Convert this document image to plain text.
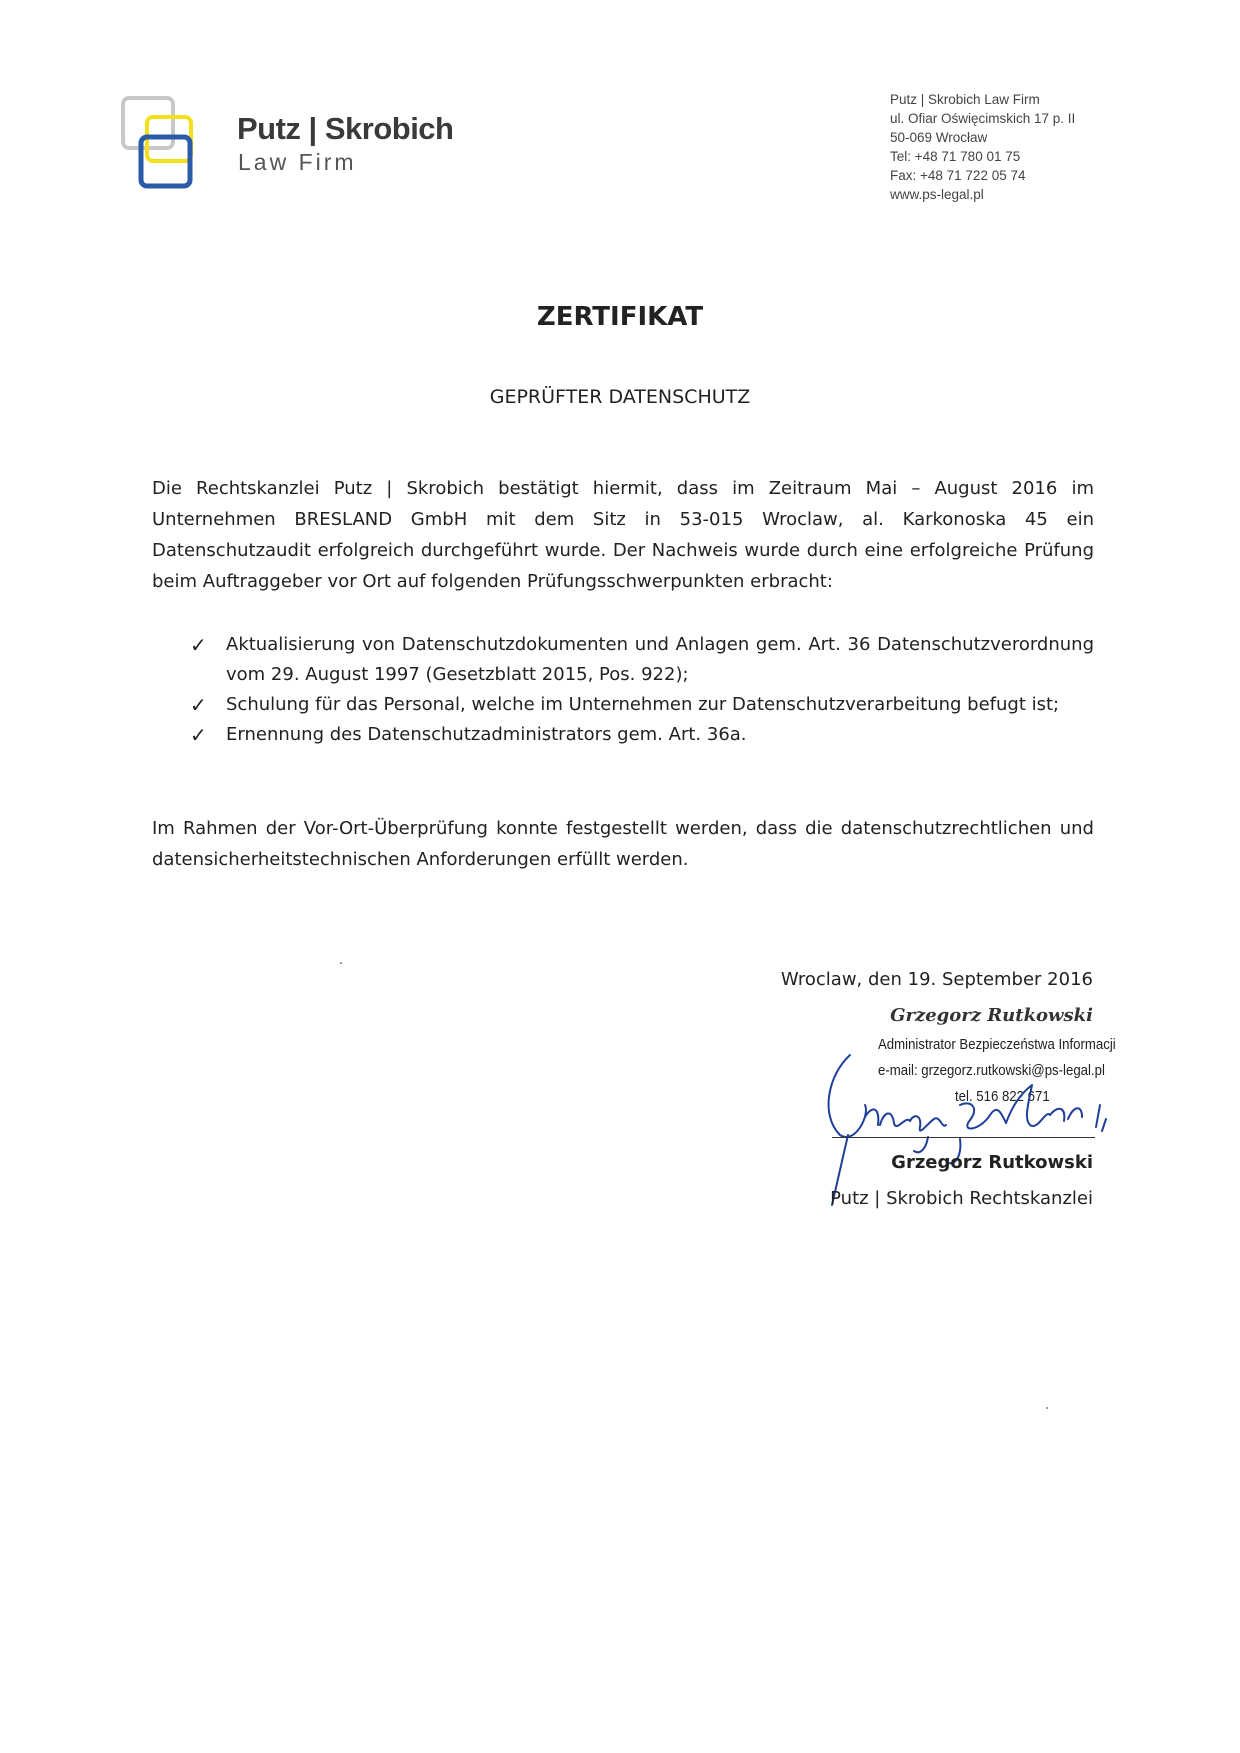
Putz | Skrobich
Law Firm
Putz | Skrobich Law Firm
ul. Ofiar Oświęcimskich 17 p. II
50-069 Wrocław
Tel: +48 71 780 01 75
Fax: +48 71 722 05 74
www.ps-legal.pl
ZERTIFIKAT
GEPRÜFTER DATENSCHUTZ
Die Rechtskanzlei Putz | Skrobich bestätigt hiermit, dass im Zeitraum Mai – August 2016 im Unternehmen BRESLAND GmbH mit dem Sitz in 53-015 Wroclaw, al. Karkonoska 45 ein Datenschutzaudit erfolgreich durchgeführt wurde. Der Nachweis wurde durch eine erfolgreiche Prüfung beim Auftraggeber vor Ort auf folgenden Prüfungsschwerpunkten erbracht:
✓ Aktualisierung von Datenschutzdokumenten und Anlagen gem. Art. 36 Datenschutzverordnung vom 29. August 1997 (Gesetzblatt 2015, Pos. 922);
✓ Schulung für das Personal, welche im Unternehmen zur Datenschutzverarbeitung befugt ist;
✓ Ernennung des Datenschutzadministrators gem. Art. 36a.
Im Rahmen der Vor-Ort-Überprüfung konnte festgestellt werden, dass die datenschutzrechtlichen und datensicherheitstechnischen Anforderungen erfüllt werden.
Wroclaw, den 19. September 2016
Grzegorz Rutkowski
Administrator Bezpieczeństwa Informacji
e-mail: grzegorz.rutkowski@ps-legal.pl
tel. 516 822 671
Grzegorz Rutkowski
Putz | Skrobich Rechtskanzlei
